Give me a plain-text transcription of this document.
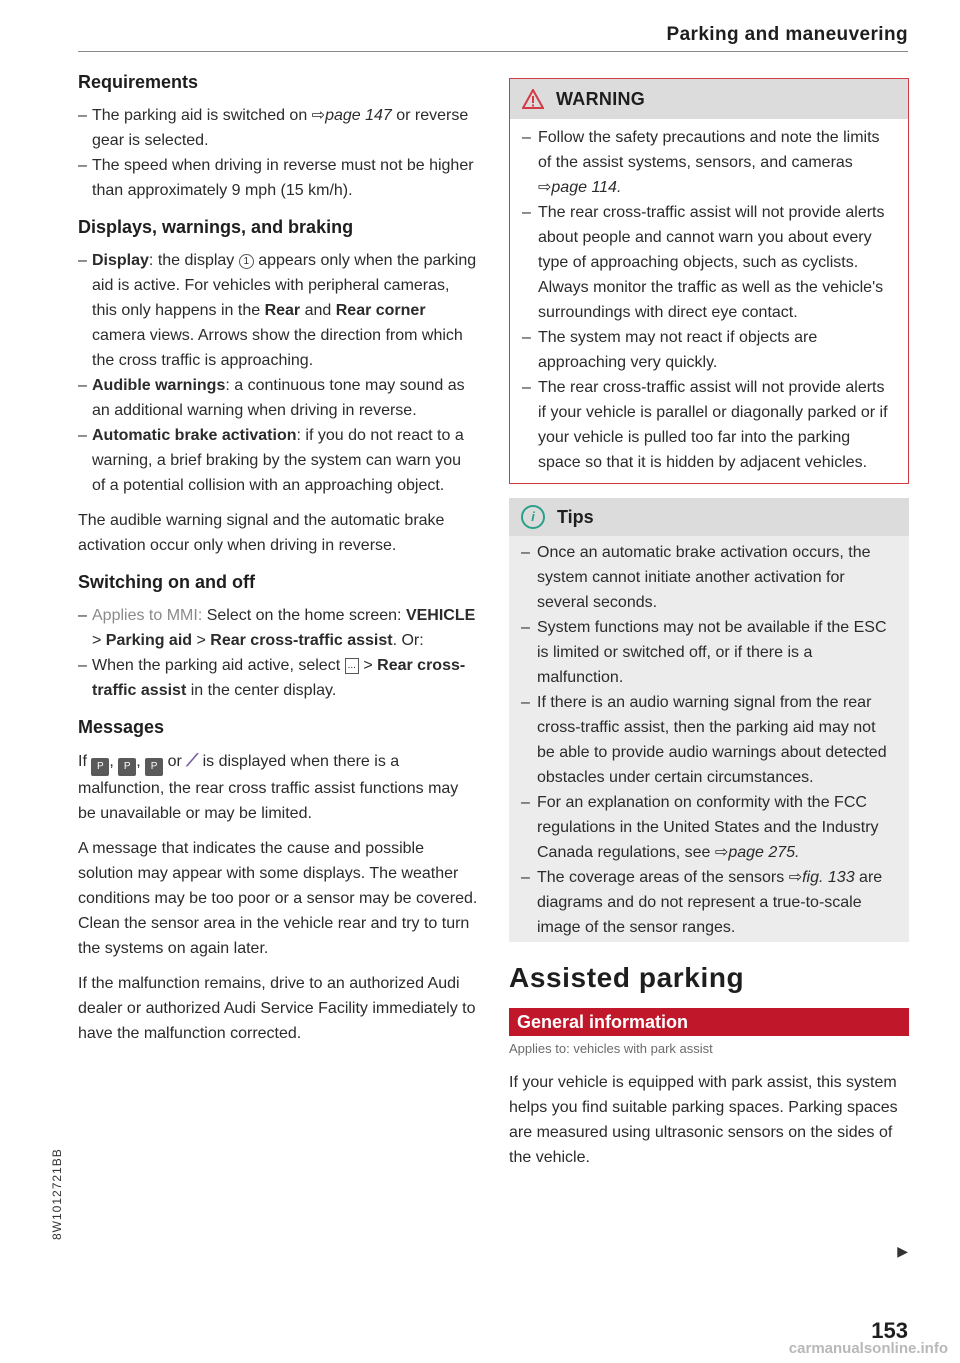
Parking and maneuvering
Requirements
– The parking aid is switched on ⇨page 147 or reverse gear is selected.
– The speed when driving in reverse must not be higher than approximately 9 mph (15 km/h).
Displays, warnings, and braking
– Display: the display 1 appears only when the parking aid is active. For vehicles with peripheral cameras, this only happens in the Rear and Rear corner camera views. Arrows show the direction from which the cross traffic is approaching.
– Audible warnings: a continuous tone may sound as an additional warning when driving in reverse.
– Automatic brake activation: if you do not react to a warning, a brief braking by the system can warn you of a potential collision with an approaching object.

The audible warning signal and the automatic brake activation occur only when driving in reverse.

Switching on and off
– Applies to MMI: Select on the home screen: VEHICLE > Parking aid > Rear cross-traffic assist. Or:
– When the parking aid active, select ... > Rear cross-traffic assist in the center display.
Messages

If P , P , P or ⟋ is displayed when there is a malfunction, the rear cross traffic assist functions may be unavailable or may be limited.

A message that indicates the cause and possible solution may appear with some displays. The weather conditions may be too poor or a sensor may be covered. Clean the sensor area in the vehicle rear and try to turn the systems on again later.

If the malfunction remains, drive to an authorized Audi dealer or authorized Audi Service Facility immediately to have the malfunction corrected.

WARNING
– Follow the safety precautions and note the limits of the assist systems, sensors, and cameras ⇨page 114.
– The rear cross-traffic assist will not provide alerts about people and cannot warn you about every type of approaching objects, such as cyclists. Always monitor the traffic as well as the vehicle's surroundings with direct eye contact.
– The system may not react if objects are approaching very quickly.
– The rear cross-traffic assist will not provide alerts if your vehicle is parallel or diagonally parked or if your vehicle is pulled too far into the parking space so that it is hidden by adjacent vehicles.
i	Tips
– Once an automatic brake activation occurs, the system cannot initiate another activation for several seconds.
– System functions may not be available if the ESC is limited or switched off, or if there is a malfunction.
– If there is an audio warning signal from the rear cross-traffic assist, then the parking aid may not be able to provide audio warnings about detected obstacles under certain circumstances.
– For an explanation on conformity with the FCC regulations in the United States and the Industry Canada regulations, see ⇨page 275.
– The coverage areas of the sensors ⇨fig. 133 are diagrams and do not represent a true-to-scale image of the sensor ranges.
Assisted parking
General information
Applies to: vehicles with park assist

If your vehicle is equipped with park assist, this system helps you find suitable parking spaces. Parking spaces are measured using ultrasonic sensors on the sides of the vehicle.

▶
153
8W1012721BB
carmanualsonline.info
